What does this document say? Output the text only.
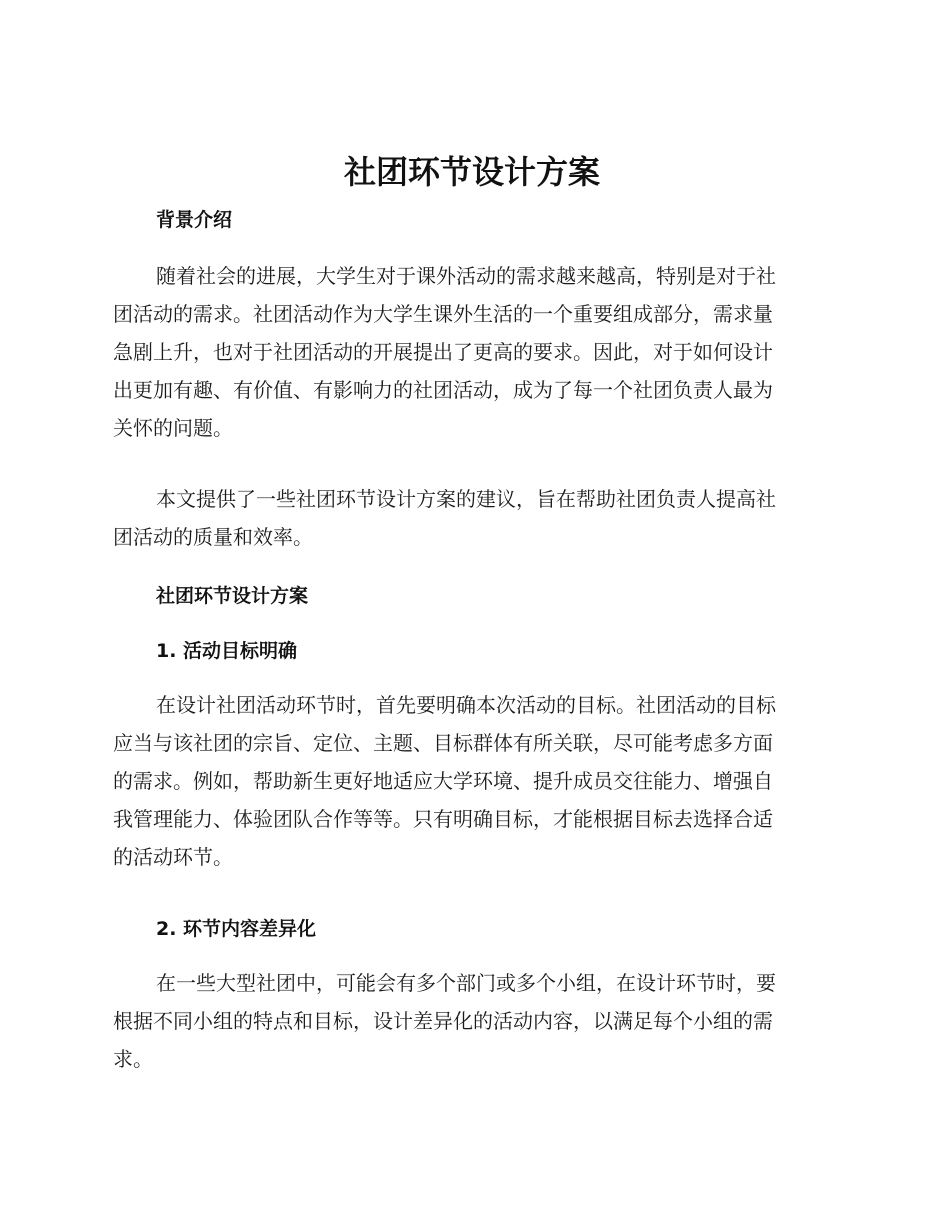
社团环节设计方案
背景介绍

随着社会的进展，大学生对于课外活动的需求越来越高，特别是对于社
团活动的需求。社团活动作为大学生课外生活的一个重要组成部分，需求量
急剧上升，也对于社团活动的开展提出了更高的要求。因此，对于如何设计
出更加有趣、有价值、有影响力的社团活动，成为了每一个社团负责人最为
关怀的问题。

本文提供了一些社团环节设计方案的建议，旨在帮助社团负责人提高社
团活动的质量和效率。

社团环节设计方案
1. 活动目标明确

在设计社团活动环节时，首先要明确本次活动的目标。社团活动的目标
应当与该社团的宗旨、定位、主题、目标群体有所关联，尽可能考虑多方面
的需求。例如，帮助新生更好地适应大学环境、提升成员交往能力、增强自
我管理能力、体验团队合作等等。只有明确目标，才能根据目标去选择合适
的活动环节。

2. 环节内容差异化

在一些大型社团中，可能会有多个部门或多个小组，在设计环节时，要
根据不同小组的特点和目标，设计差异化的活动内容，以满足每个小组的需
求。
